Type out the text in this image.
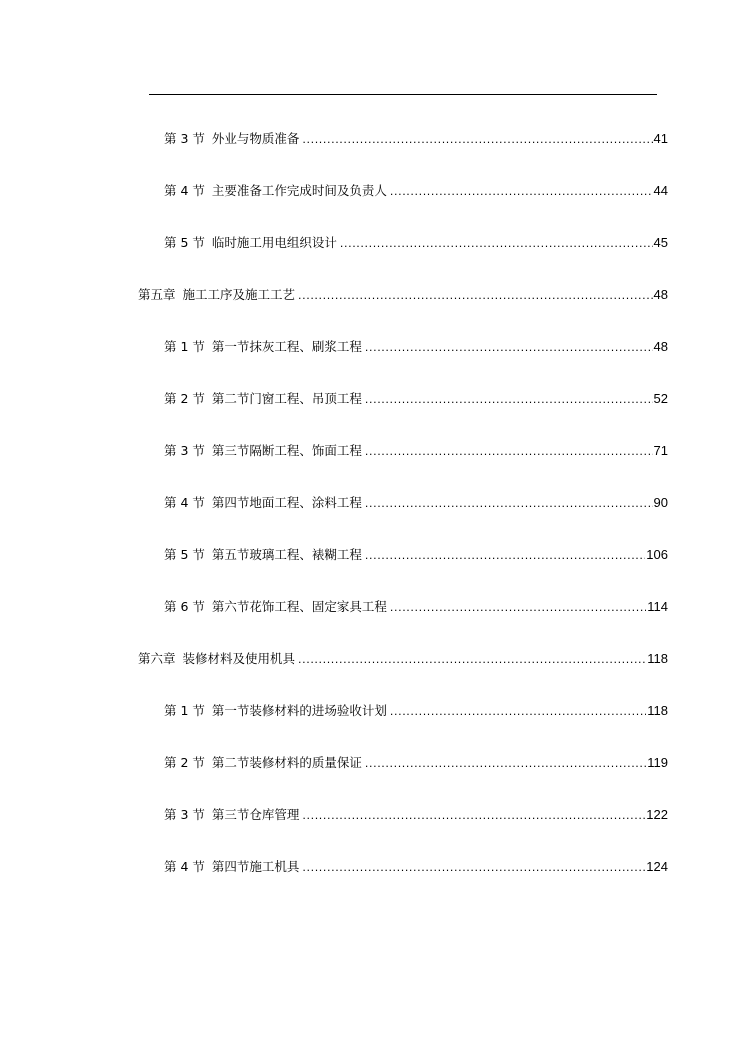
第 3 节 外业与物质准备 .....	41
第 4 节 主要准备工作完成时间及负责人 .....	44
第 5 节 临时施工用电组织设计 .....	45
第五章 施工工序及施工工艺 .....	48
第 1 节 第一节抹灰工程、刷浆工程 .....	48
第 2 节 第二节门窗工程、吊顶工程 .....	52
第 3 节 第三节隔断工程、饰面工程 .....	71
第 4 节 第四节地面工程、涂料工程 .....	90
第 5 节 第五节玻璃工程、裱糊工程 .....	106
第 6 节 第六节花饰工程、固定家具工程 .....	114
第六章 装修材料及使用机具 .....	118
第 1 节 第一节装修材料的进场验收计划 .....	118
第 2 节 第二节装修材料的质量保证 .....	119
第 3 节 第三节仓库管理 .....	122
第 4 节 第四节施工机具 .....	124
